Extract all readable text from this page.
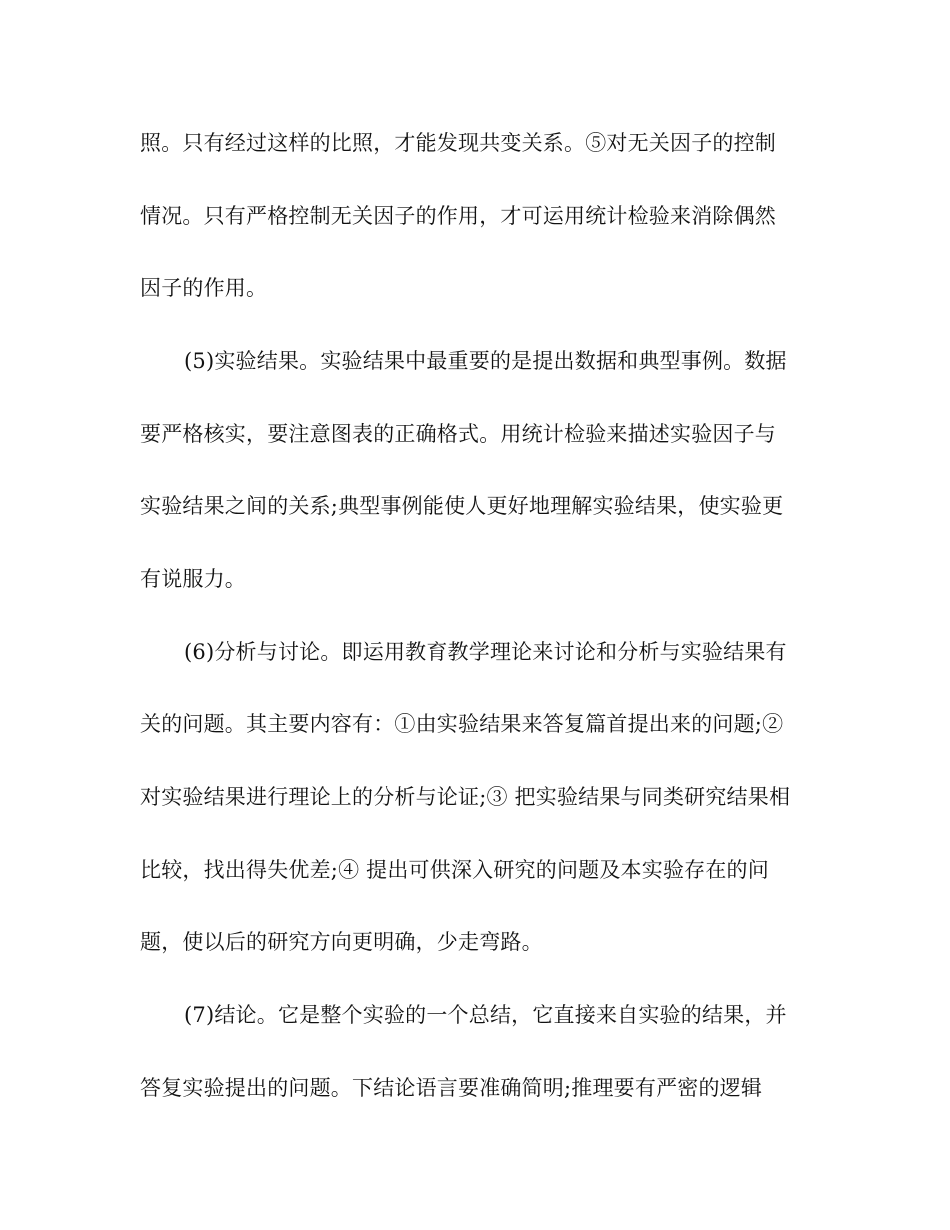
照。只有经过这样的比照，才能发现共变关系。⑤对无关因子的控制
情况。只有严格控制无关因子的作用，才可运用统计检验来消除偶然
因子的作用。
(5)实验结果。实验结果中最重要的是提出数据和典型事例。数据
要严格核实，要注意图表的正确格式。用统计检验来描述实验因子与
实验结果之间的关系;典型事例能使人更好地理解实验结果，使实验更
有说服力。
(6)分析与讨论。即运用教育教学理论来讨论和分析与实验结果有
关的问题。其主要内容有：①由实验结果来答复篇首提出来的问题;②
对实验结果进行理论上的分析与论证;③ 把实验结果与同类研究结果相
比较，找出得失优差;④ 提出可供深入研究的问题及本实验存在的问
题，使以后的研究方向更明确，少走弯路。
(7)结论。它是整个实验的一个总结，它直接来自实验的结果，并
答复实验提出的问题。下结论语言要准确简明;推理要有严密的逻辑
